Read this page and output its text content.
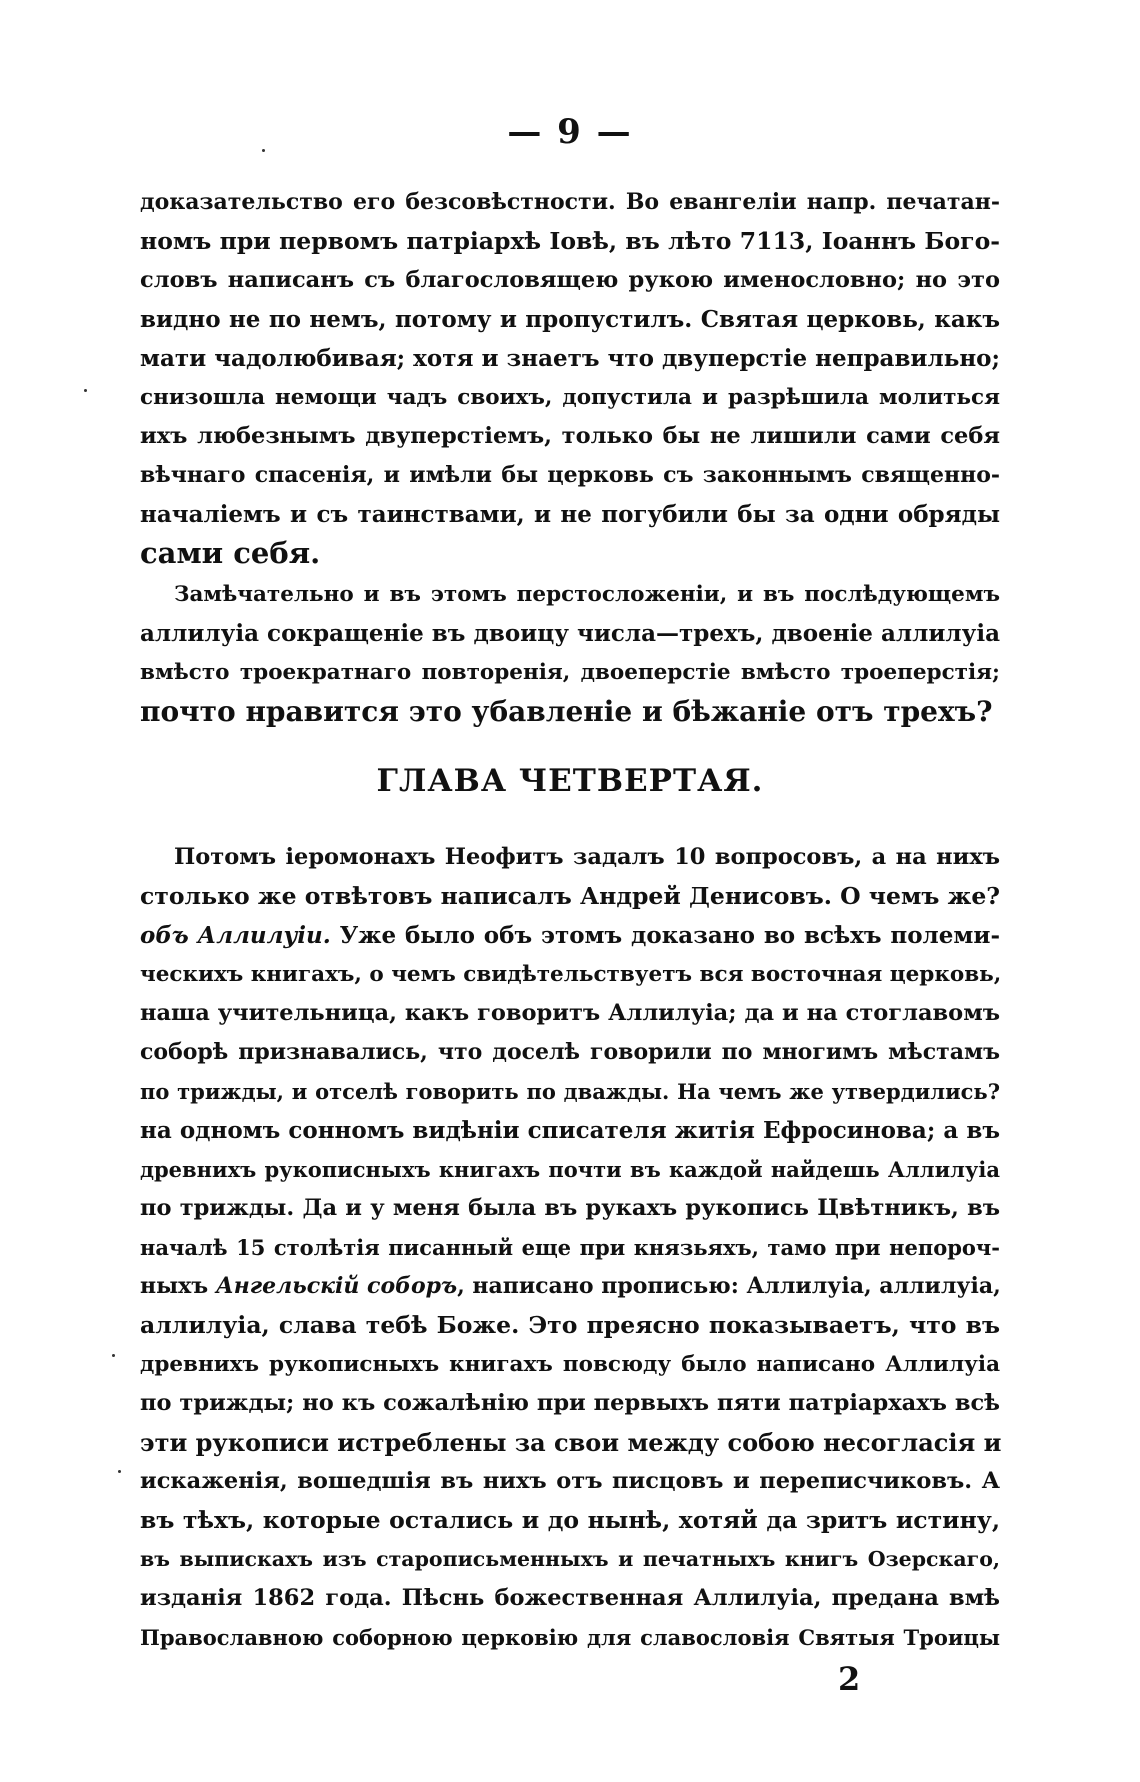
— 9 —
доказательство его безсовѣстности. Во евангеліи напр. печатан-
номъ при первомъ патріархѣ Іовѣ, въ лѣто 7113, Іоаннъ Бого-
словъ написанъ съ благословящею рукою именословно; но это
видно не по немъ, потому и пропустилъ. Святая церковь, какъ
мати чадолюбивая; хотя и знаетъ что двуперстіе неправильно;
снизошла немощи чадъ своихъ, допустила и разрѣшила молиться
ихъ любезнымъ двуперстіемъ, только бы не лишили сами себя
вѣчнаго спасенія, и имѣли бы церковь съ законнымъ священно-
началіемъ и съ таинствами, и не погубили бы за одни обряды
сами себя.
Замѣчательно и въ этомъ перстосложеніи, и въ послѣдующемъ
аллилуіа сокращеніе въ двоицу числа—трехъ, двоеніе аллилуіа
вмѣсто троекратнаго повторенія, двоеперстіе вмѣсто троеперстія;
почто нравится это убавленіе и бѣжаніе отъ трехъ?
ГЛАВА ЧЕТВЕРТАЯ.
Потомъ іеромонахъ Неофитъ задалъ 10 вопросовъ, а на нихъ
столько же отвѣтовъ написалъ Андрей Денисовъ. О чемъ же?
объ Аллилуіи. Уже было объ этомъ доказано во всѣхъ полеми-
ческихъ книгахъ, о чемъ свидѣтельствуетъ вся восточная церковь,
наша учительница, какъ говоритъ Аллилуіа; да и на стоглавомъ
соборѣ признавались, что доселѣ говорили по многимъ мѣстамъ
по трижды, и отселѣ говорить по дважды. На чемъ же утвердились?
на одномъ сонномъ видѣніи списателя житія Ефросинова; а въ
древнихъ рукописныхъ книгахъ почти въ каждой найдешь Аллилуіа
по трижды. Да и у меня была въ рукахъ рукопись Цвѣтникъ, въ
началѣ 15 столѣтія писанный еще при князьяхъ, тамо при непороч-
ныхъ Ангельскій соборъ, написано прописью: Аллилуіа, аллилуіа,
аллилуіа, слава тебѣ Боже. Это преясно показываетъ, что въ
древнихъ рукописныхъ книгахъ повсюду было написано Аллилуіа
по трижды; но къ сожалѣнію при первыхъ пяти патріархахъ всѣ
эти рукописи истреблены за свои между собою несогласія и
искаженія, вошедшія въ нихъ отъ писцовъ и переписчиковъ. А
въ тѣхъ, которые остались и до нынѣ, хотяй да зритъ истину,
въ выпискахъ изъ старописьменныхъ и печатныхъ книгъ Озерскаго,
изданія 1862 года. Пѣснь божественная Аллилуіа, предана вмѣ
Православною соборною церковію для славословія Святыя Троицы
2
